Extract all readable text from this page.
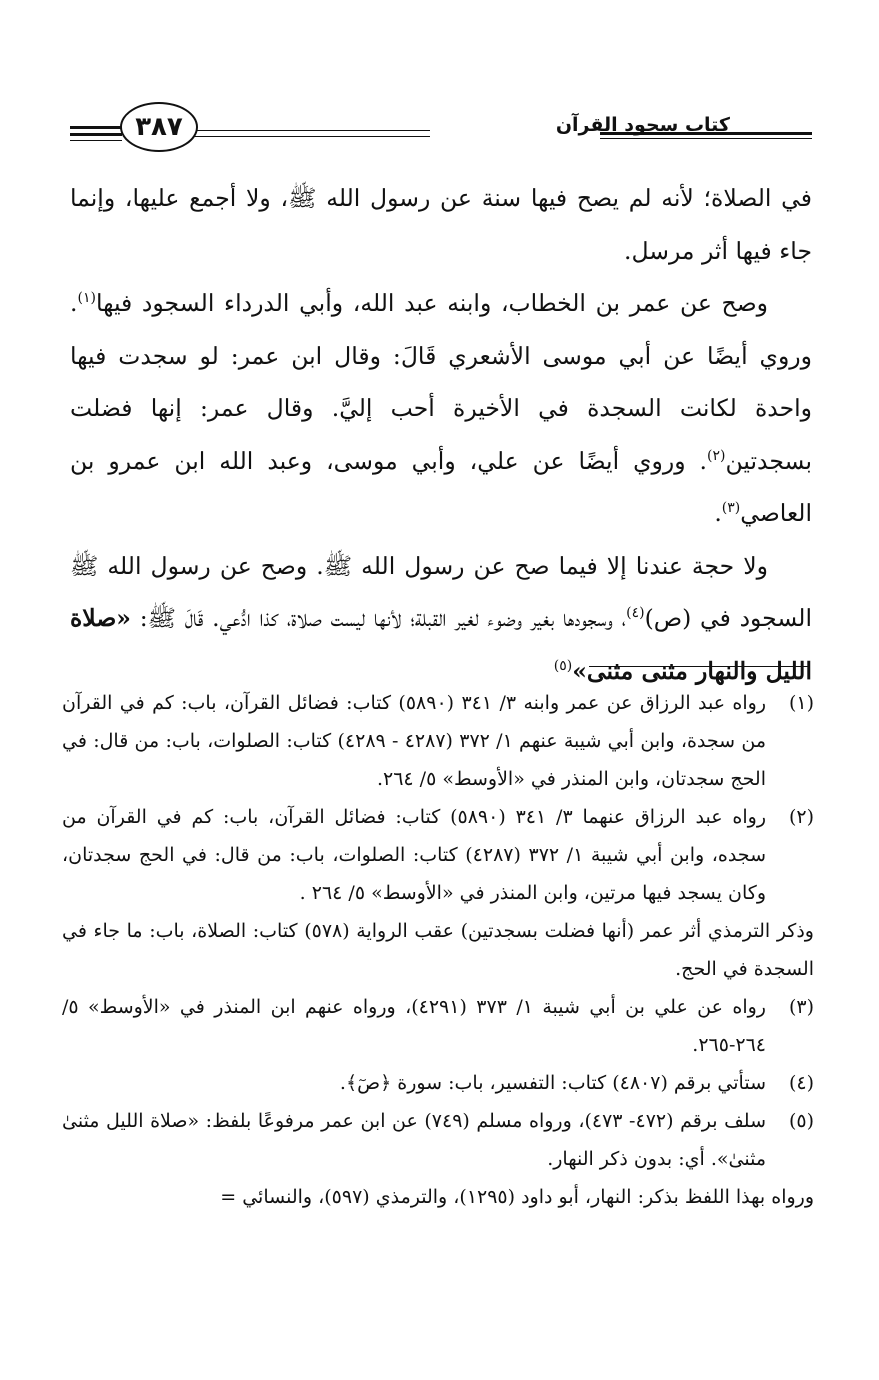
٣٨٧	كتاب سجود القرآن

في الصلاة؛ لأنه لم يصح فيها سنة عن رسول الله ﷺ، ولا أجمع عليها، وإنما جاء فيها أثر مرسل.

وصح عن عمر بن الخطاب، وابنه عبد الله، وأبي الدرداء السجود فيها$^{(١)}$. وروي أيضًا عن أبي موسى الأشعري قَالَ: وقال ابن عمر: لو سجدت فيها واحدة لكانت السجدة في الأخيرة أحب إليَّ. وقال عمر: إنها فضلت بسجدتين$^{(٢)}$. وروي أيضًا عن علي، وأبي موسى، وعبد الله ابن عمرو بن العاصي$^{(٣)}$.

ولا حجة عندنا إلا فيما صح عن رسول الله ﷺ. وصح عن رسول الله ﷺ السجود في (ص)$^{(٤)}$، وسجودها بغير وضوء لغير القبلة؛ لأنها ليست صلاة، كذا ادُّعي. قَالَ ﷺ: «صلاة الليل والنهار مثنى مثنى»$^{(٥)}$

(١)
رواه عبد الرزاق عن عمر وابنه ٣/ ٣٤١ (٥٨٩٠) كتاب: فضائل القرآن، باب: كم في القرآن من سجدة، وابن أبي شيبة عنهم ١/ ٣٧٢ (٤٢٨٧ - ٤٢٨٩) كتاب: الصلوات، باب: من قال: في الحج سجدتان، وابن المنذر في «الأوسط» ٥/ ٢٦٤.
(٢)
رواه عبد الرزاق عنهما ٣/ ٣٤١ (٥٨٩٠) كتاب: فضائل القرآن، باب: كم في القرآن من سجده، وابن أبي شيبة ١/ ٣٧٢ (٤٢٨٧) كتاب: الصلوات، باب: من قال: في الحج سجدتان، وكان يسجد فيها مرتين، وابن المنذر في «الأوسط» ٥/ ٢٦٤ .
وذكر الترمذي أثر عمر (أنها فضلت بسجدتين) عقب الرواية (٥٧٨) كتاب: الصلاة، باب: ما جاء في السجدة في الحج.
(٣)
رواه عن علي بن أبي شيبة ١/ ٣٧٣ (٤٢٩١)، ورواه عنهم ابن المنذر في «الأوسط» ٥/ ٢٦٤-٢٦٥.
(٤)
ستأتي برقم (٤٨٠٧) كتاب: التفسير، باب: سورة ﴿صٓ﴾.
(٥)
سلف برقم (٤٧٢- ٤٧٣)، ورواه مسلم (٧٤٩) عن ابن عمر مرفوعًا بلفظ: «صلاة الليل مثنىٰ مثنىٰ». أي: بدون ذكر النهار.
ورواه بهذا اللفظ بذكر: النهار، أبو داود (١٢٩٥)، والترمذي (٥٩٧)، والنسائي =
